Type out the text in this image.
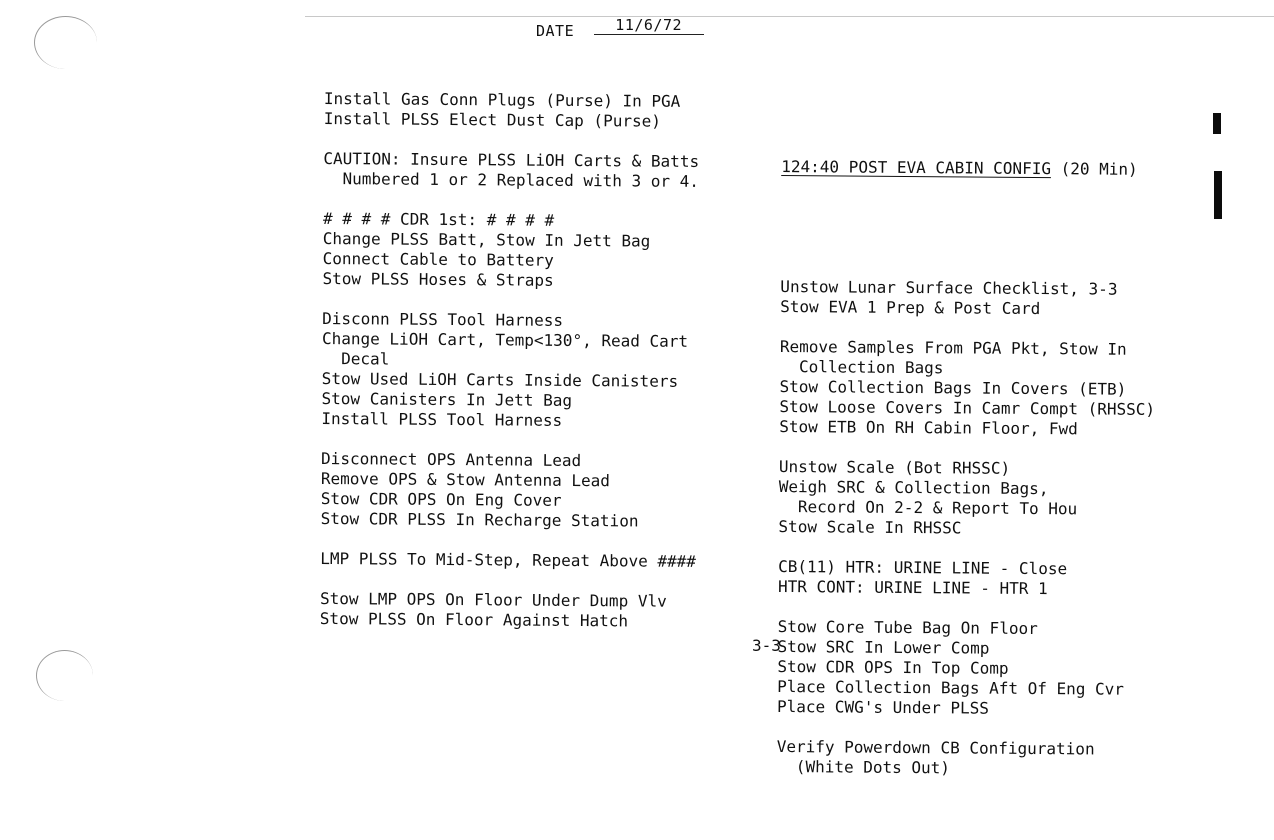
DATE	11/6/72
Install Gas Conn Plugs (Purse) In PGA
Install PLSS Elect Dust Cap (Purse)
CAUTION: Insure PLSS LiOH Carts & Batts
Numbered 1 or 2 Replaced with 3 or 4.
# # # # CDR 1st: # # # #
Change PLSS Batt, Stow In Jett Bag
Connect Cable to Battery
Stow PLSS Hoses & Straps
Disconn PLSS Tool Harness
Change LiOH Cart, Temp<130°, Read Cart
Decal
Stow Used LiOH Carts Inside Canisters
Stow Canisters In Jett Bag
Install PLSS Tool Harness
Disconnect OPS Antenna Lead
Remove OPS & Stow Antenna Lead
Stow CDR OPS On Eng Cover
Stow CDR PLSS In Recharge Station
LMP PLSS To Mid-Step, Repeat Above ####
Stow LMP OPS On Floor Under Dump Vlv
Stow PLSS On Floor Against Hatch

124:40 POST EVA CABIN CONFIG (20 Min)

Unstow Lunar Surface Checklist, 3-3
Stow EVA 1 Prep & Post Card
Remove Samples From PGA Pkt, Stow In
Collection Bags
Stow Collection Bags In Covers (ETB)
Stow Loose Covers In Camr Compt (RHSSC)
Stow ETB On RH Cabin Floor, Fwd
Unstow Scale (Bot RHSSC)
Weigh SRC & Collection Bags,
Record On 2-2 & Report To Hou
Stow Scale In RHSSC
CB(11) HTR: URINE LINE - Close
HTR CONT: URINE LINE - HTR 1
Stow Core Tube Bag On Floor
Stow SRC In Lower Comp
Stow CDR OPS In Top Comp
Place Collection Bags Aft Of Eng Cvr
Place CWG's Under PLSS
Verify Powerdown CB Configuration
(White Dots Out)

3-3
